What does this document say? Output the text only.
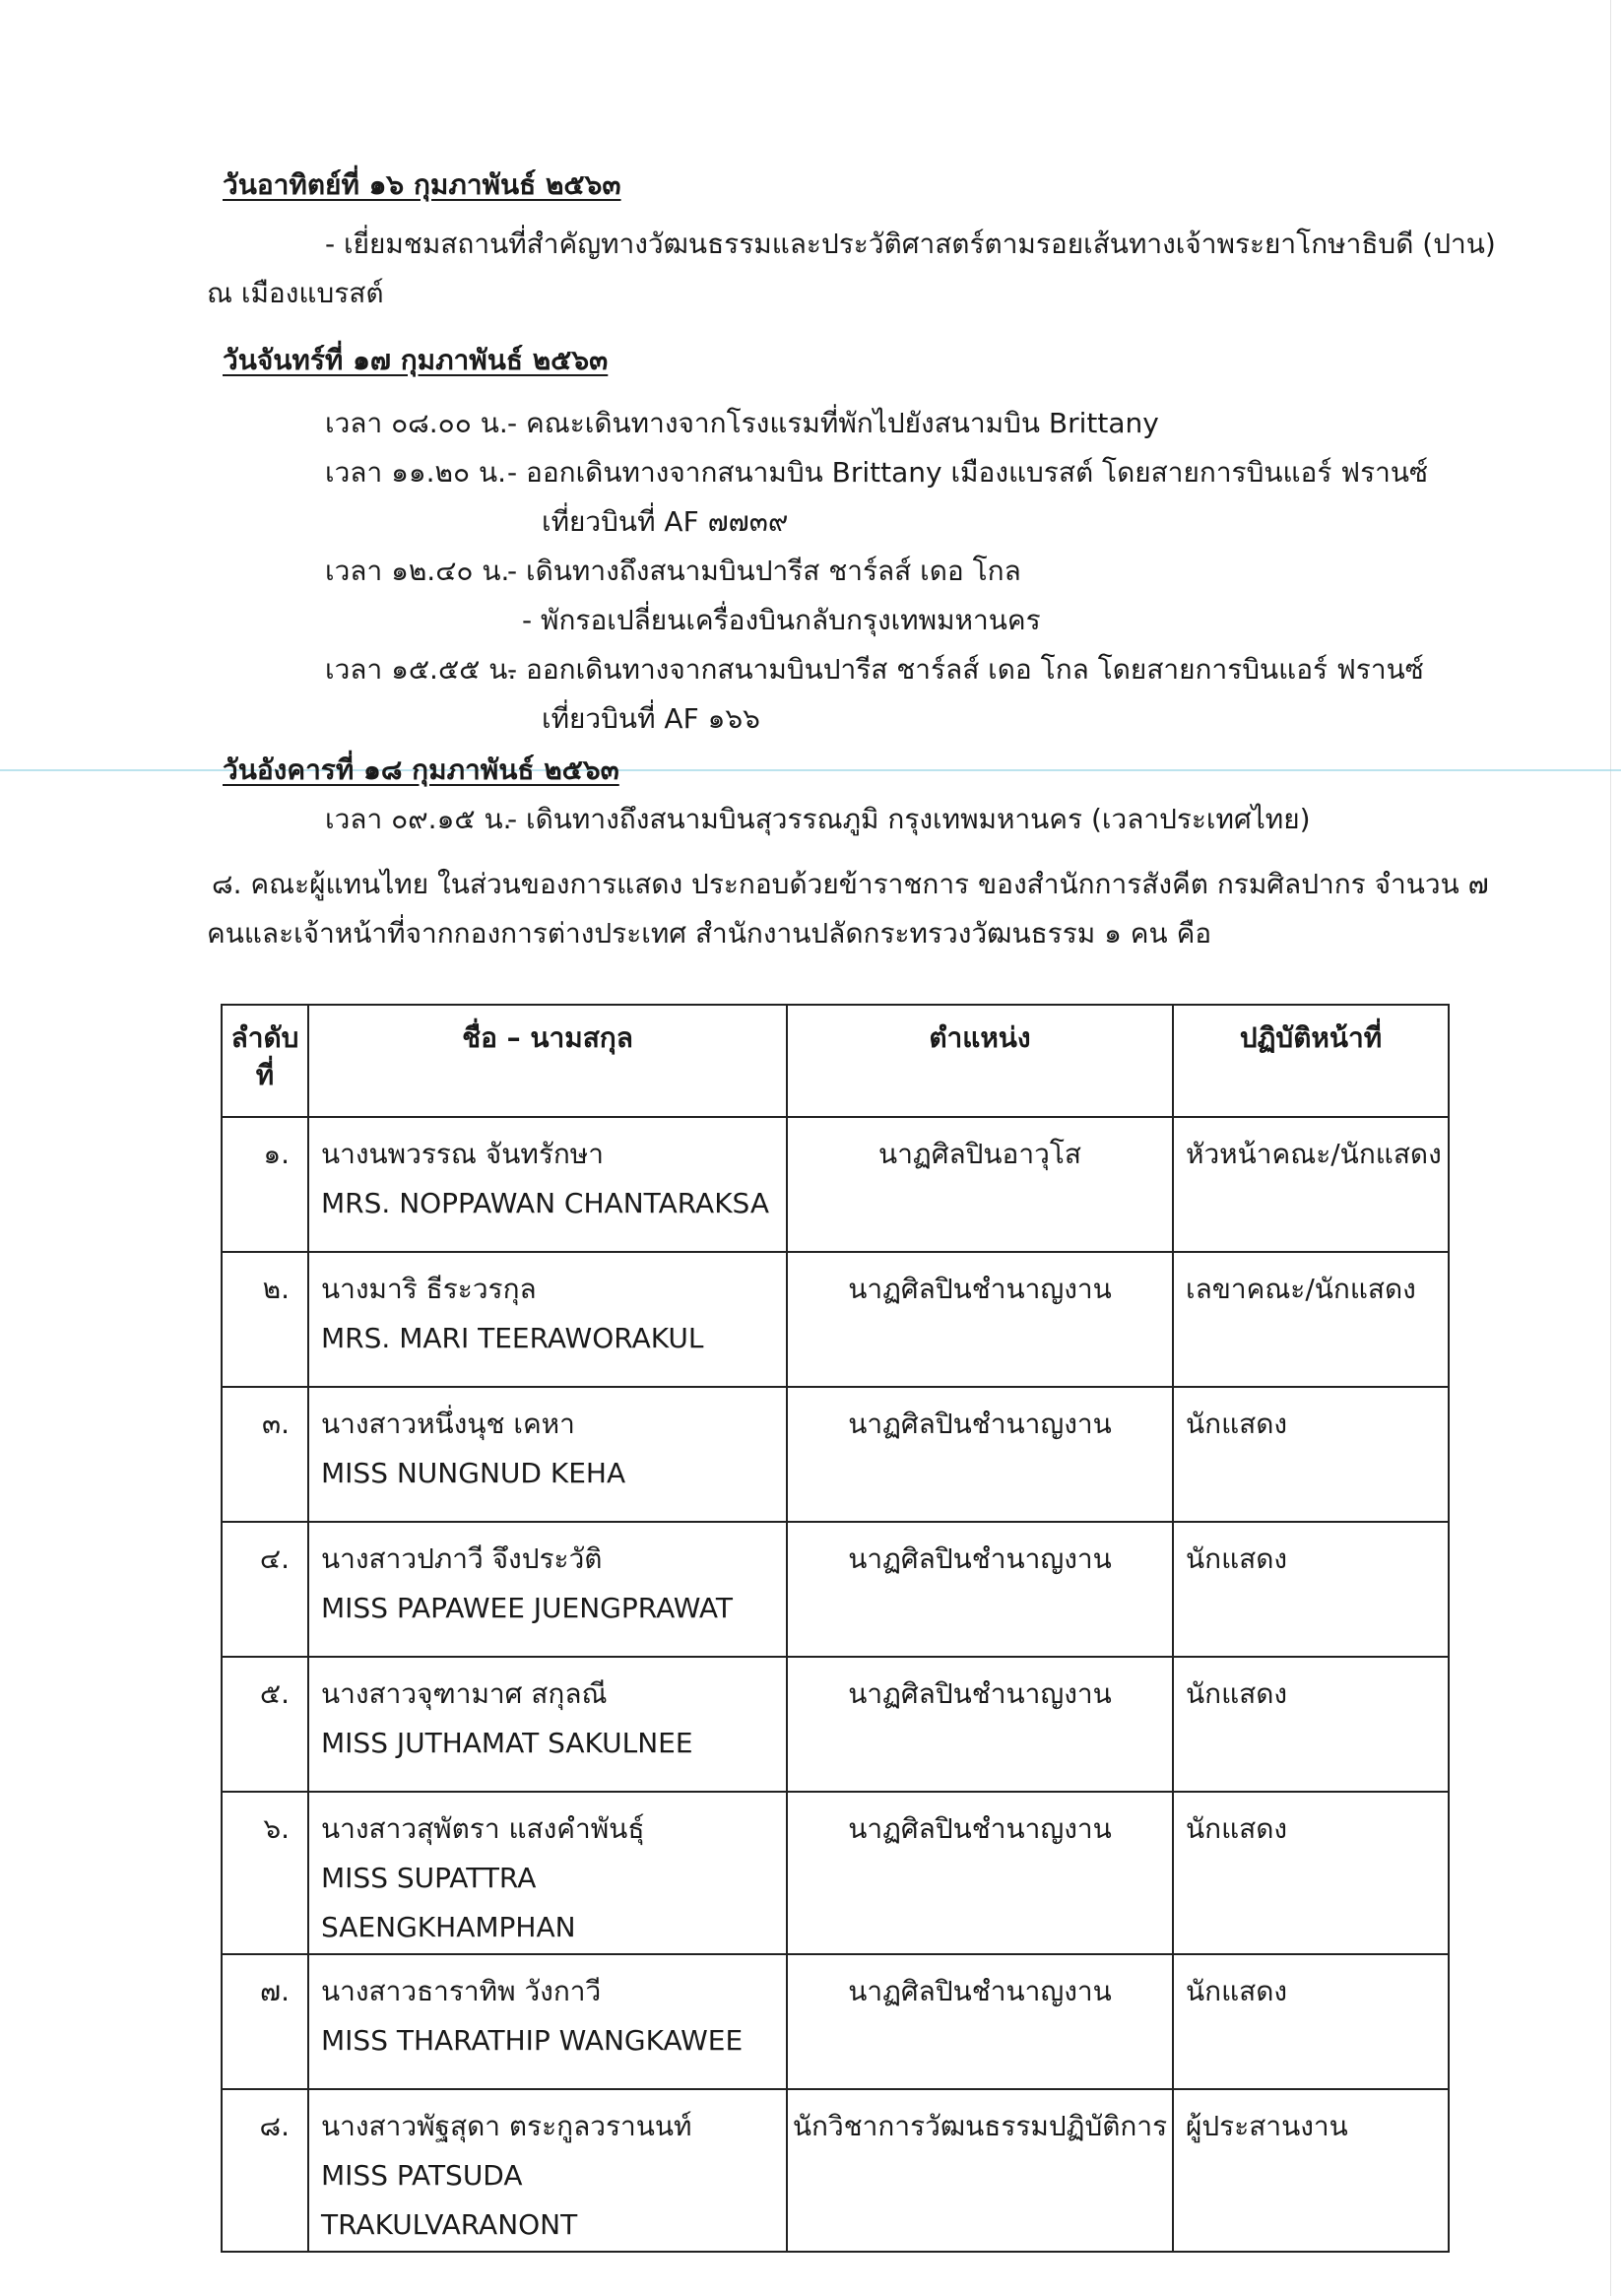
วันอาทิตย์ที่ ๑๖ กุมภาพันธ์ ๒๕๖๓
- เยี่ยมชมสถานที่สำคัญทางวัฒนธรรมและประวัติศาสตร์ตามรอยเส้นทางเจ้าพระยาโกษาธิบดี (ปาน)
ณ เมืองแบรสต์
วันจันทร์ที่ ๑๗ กุมภาพันธ์ ๒๕๖๓
เวลา ๐๘.๐๐ น. - คณะเดินทางจากโรงแรมที่พักไปยังสนามบิน Brittany
เวลา ๑๑.๒๐ น. - ออกเดินทางจากสนามบิน Brittany เมืองแบรสต์ โดยสายการบินแอร์ ฟรานซ์
เที่ยวบินที่ AF ๗๗๓๙
เวลา ๑๒.๔๐ น.
- เดินทางถึงสนามบินปารีส ชาร์ลส์ เดอ โกล
- พักรอเปลี่ยนเครื่องบินกลับกรุงเทพมหานคร
เวลา ๑๕.๕๕ น.
- ออกเดินทางจากสนามบินปารีส ชาร์ลส์ เดอ โกล โดยสายการบินแอร์ ฟรานซ์
เที่ยวบินที่ AF ๑๖๖
วันอังคารที่ ๑๘ กุมภาพันธ์ ๒๕๖๓
เวลา ๐๙.๑๕ น.
- เดินทางถึงสนามบินสุวรรณภูมิ กรุงเทพมหานคร (เวลาประเทศไทย)
๘. คณะผู้แทนไทย ในส่วนของการแสดง ประกอบด้วยข้าราชการ ของสำนักการสังคีต กรมศิลปากร จำนวน ๗
คนและเจ้าหน้าที่จากกองการต่างประเทศ สำนักงานปลัดกระทรวงวัฒนธรรม ๑ คน คือ
ลำดับ
ที่	ชื่อ – นามสกุล	ตำแหน่ง	ปฏิบัติหน้าที่
๑.	นางนพวรรณ จันทรักษา
MRS. NOPPAWAN CHANTARAKSA	นาฏศิลปินอาวุโส	หัวหน้าคณะ/นักแสดง
๒.	นางมาริ ธีระวรกุล
MRS. MARI TEERAWORAKUL	นาฏศิลปินชำนาญงาน	เลขาคณะ/นักแสดง
๓.	นางสาวหนึ่งนุช เคหา
MISS NUNGNUD KEHA	นาฏศิลปินชำนาญงาน	นักแสดง
๔.	นางสาวปภาวี จึงประวัติ
MISS PAPAWEE JUENGPRAWAT	นาฏศิลปินชำนาญงาน	นักแสดง
๕.	นางสาวจุฑามาศ สกุลณี
MISS JUTHAMAT SAKULNEE	นาฏศิลปินชำนาญงาน	นักแสดง
๖.	นางสาวสุพัตรา แสงคำพันธุ์
MISS SUPATTRA SAENGKHAMPHAN	นาฏศิลปินชำนาญงาน	นักแสดง
๗.	นางสาวธาราทิพ วังกาวี
MISS THARATHIP WANGKAWEE	นาฏศิลปินชำนาญงาน	นักแสดง
๘.	นางสาวพัฐสุดา ตระกูลวรานนท์
MISS PATSUDA TRAKULVARANONT	นักวิชาการวัฒนธรรมปฏิบัติการ	ผู้ประสานงาน
